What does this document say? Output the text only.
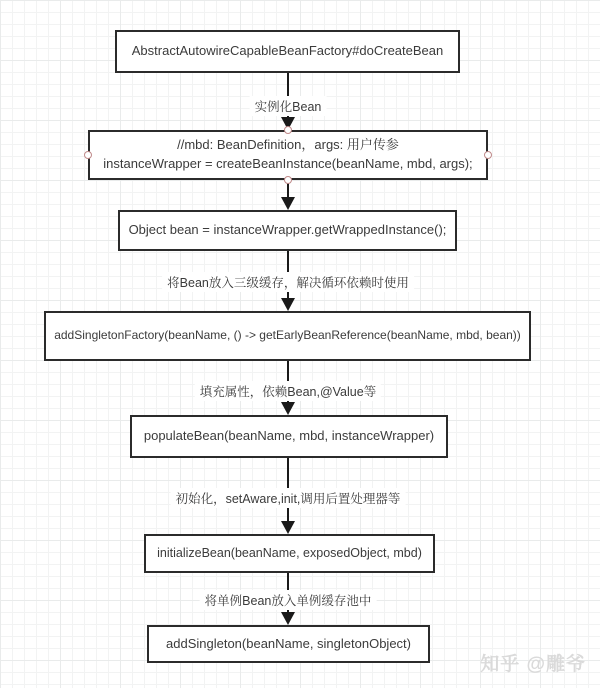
实例化Bean
将Bean放入三级缓存，解决循环依赖时使用
填充属性，依赖Bean,@Value等
初始化，setAware,init,调用后置处理器等
将单例Bean放入单例缓存池中
AbstractAutowireCapableBeanFactory#doCreateBean
//mbd: BeanDefinition，args: 用户传参
instanceWrapper = createBeanInstance(beanName, mbd, args);
Object bean = instanceWrapper.getWrappedInstance();
addSingletonFactory(beanName, () -> getEarlyBeanReference(beanName, mbd, bean))
populateBean(beanName, mbd, instanceWrapper)
initializeBean(beanName, exposedObject, mbd)
addSingleton(beanName, singletonObject)
知乎 @雕爷
